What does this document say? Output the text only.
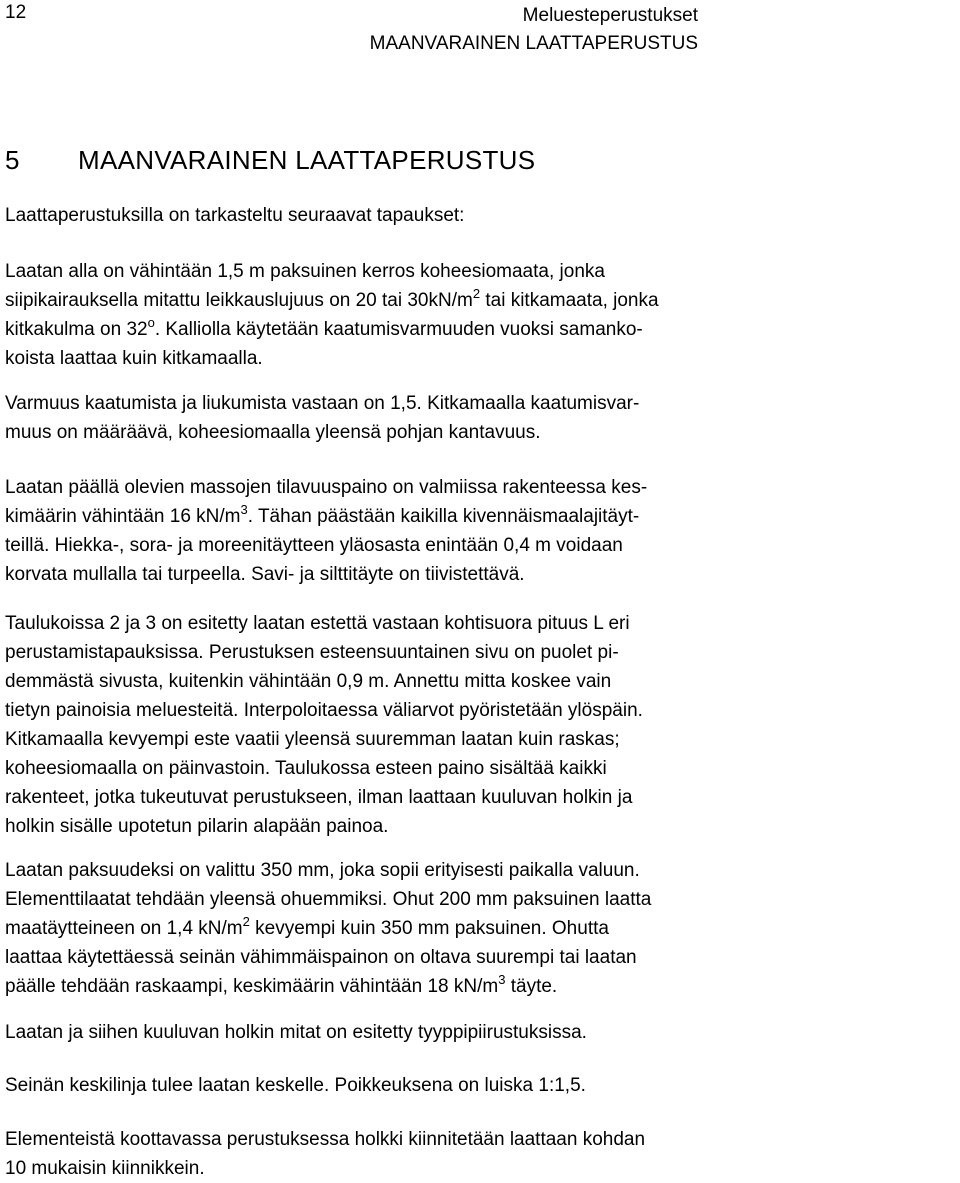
12	Meluesteperustukset
MAANVARAINEN LAATTAPERUSTUS
5 MAANVARAINEN LAATTAPERUSTUS
Laattaperustuksilla on tarkasteltu seuraavat tapaukset:
Laatan alla on vähintään 1,5 m paksuinen kerros koheesiomaata, jonka
siipikairauksella mitattu leikkauslujuus on 20 tai $30kN/m^2$ tai kitkamaata, jonka
kitkakulma on 32$^o$. Kalliolla käytetään kaatumisvarmuuden vuoksi samanko-
koista laattaa kuin kitkamaalla.
Varmuus kaatumista ja liukumista vastaan on 1,5. Kitkamaalla kaatumisvar-
muus on määräävä, koheesiomaalla yleensä pohjan kantavuus.
Laatan päällä olevien massojen tilavuuspaino on valmiissa rakenteessa kes-
kimäärin vähintään 16 $kN/m^3$. Tähan päästään kaikilla kivennäismaalajitäyt-
teillä. Hiekka-, sora- ja moreenitäytteen yläosasta enintään 0,4 m voidaan
korvata mullalla tai turpeella. Savi- ja silttitäyte on tiivistettävä.
Taulukoissa 2 ja 3 on esitetty laatan estettä vastaan kohtisuora pituus L eri
perustamistapauksissa. Perustuksen esteensuuntainen sivu on puolet pi-
demmästä sivusta, kuitenkin vähintään 0,9 m. Annettu mitta koskee vain
tietyn painoisia meluesteitä. Interpoloitaessa väliarvot pyöristetään ylöspäin.
Kitkamaalla kevyempi este vaatii yleensä suuremman laatan kuin raskas;
koheesiomaalla on päinvastoin. Taulukossa esteen paino sisältää kaikki
rakenteet, jotka tukeutuvat perustukseen, ilman laattaan kuuluvan holkin ja
holkin sisälle upotetun pilarin alapään painoa.
Laatan paksuudeksi on valittu 350 mm, joka sopii erityisesti paikalla valuun.
Elementtilaatat tehdään yleensä ohuemmiksi. Ohut 200 mm paksuinen laatta
maatäytteineen on 1,4 $kN/m^2$ kevyempi kuin 350 mm paksuinen. Ohutta
laattaa käytettäessä seinän vähimmäispainon on oltava suurempi tai laatan
päälle tehdään raskaampi, keskimäärin vähintään 18 $kN/m^3$ täyte.
Laatan ja siihen kuuluvan holkin mitat on esitetty tyyppipiirustuksissa.
Seinän keskilinja tulee laatan keskelle. Poikkeuksena on luiska 1:1,5.
Elementeistä koottavassa perustuksessa holkki kiinnitetään laattaan kohdan
10 mukaisin kiinnikkein.
